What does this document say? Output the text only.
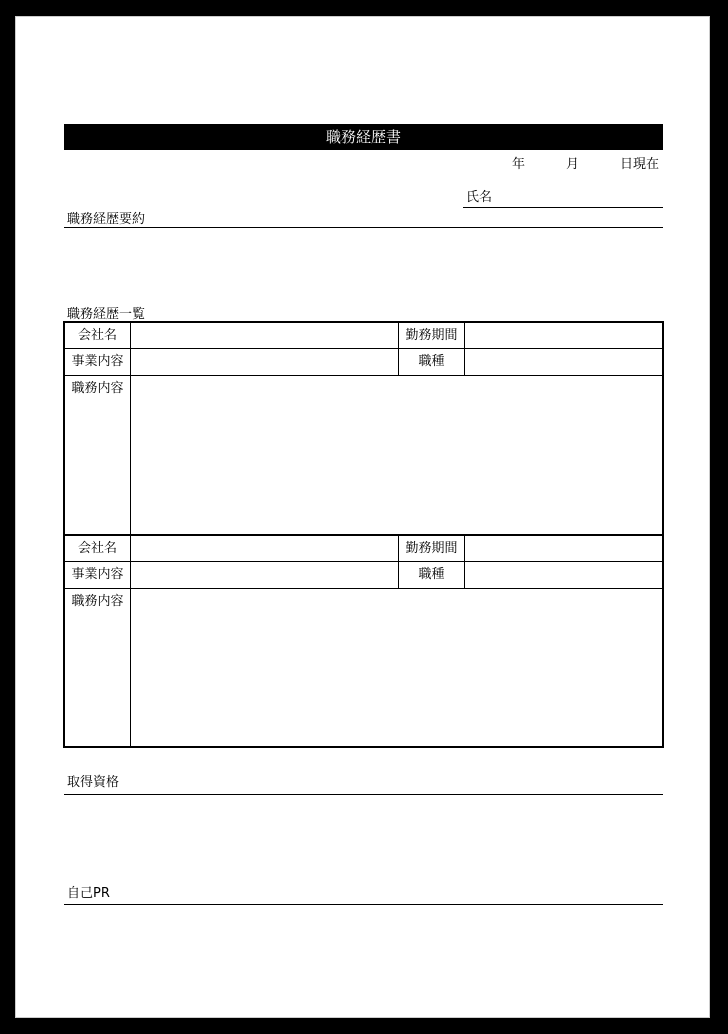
職務経歴書
年	月	日現在
氏名
職務経歴要約
職務経歴一覧
会社名	勤務期間
事業内容	職種
職務内容
会社名	勤務期間
事業内容	職種
職務内容
取得資格
自己PR
